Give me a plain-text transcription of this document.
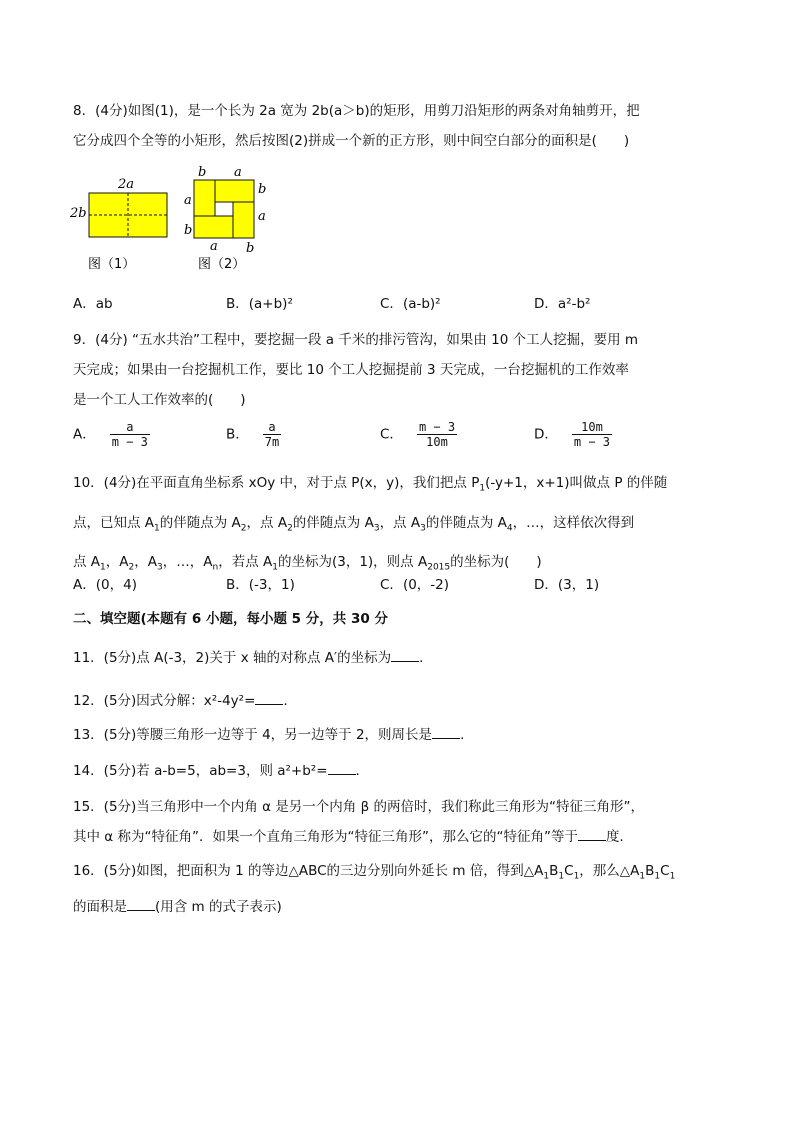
8．(4分)如图(1)，是一个长为 2a 宽为 2b(a＞b)的矩形，用剪刀沿矩形的两条对角轴剪开，把
它分成四个全等的小矩形，然后按图(2)拼成一个新的正方形，则中间空白部分的面积是(　　)
2a
2b
图（1）
b a
b
a
a
b
b
a
图（2）
A．ab	B．(a+b)²	C．(a-b)²	D．a²-b²
9．(4分) “五水共治”工程中，要挖掘一段 a 千米的排污管沟，如果由 10 个工人挖掘，要用 m
天完成；如果由一台挖掘机工作，要比 10 个工人挖掘提前 3 天完成，一台挖掘机的工作效率
是一个工人工作效率的(　　)
A． $\frac{a}{m - 3}$	B． $\frac{a}{7m}$	C． $\frac{m - 3}{10m}$	D． $\frac{10m}{m - 3}$
10．(4分)在平面直角坐标系 xOy 中，对于点 P(x，y)，我们把点 $P_1(-y+1$，x+1)叫做点 P 的伴随
点，已知点 $A_1$的伴随点为 $A_2$，点 $A_2$的伴随点为 $A_3$，点 $A_3$的伴随点为 $A_4$，…，这样依次得到
点 $A_1$，$A_2$，$A_3$，…，$A_n$，若点 $A_1$的坐标为(3，1)，则点 $A_{2015}$的坐标为(　　)
A．(0，4)	B．(-3，1)	C．(0，-2)	D．(3，1)
二、填空题(本题有 6 小题，每小题 5 分，共 30 分
11．(5分)点 A(-3，2)关于 x 轴的对称点 A′的坐标为 .
12．(5分)因式分解：x²-4y²= .
13．(5分)等腰三角形一边等于 4，另一边等于 2，则周长是 .
14．(5分)若 a-b=5，ab=3，则 a²+b²= .
15．(5分)当三角形中一个内角 α 是另一个内角 β 的两倍时，我们称此三角形为“特征三角形”，
其中 α 称为“特征角”．如果一个直角三角形为“特征三角形”，那么它的“特征角”等于 度．
16．(5分)如图，把面积为 1 的等边△ABC的三边分别向外延长 m 倍，得到$\triangle A_1B_1C_1$，那么$\triangle A_1B_1C_1$
的面积是 (用含 m 的式子表示)
